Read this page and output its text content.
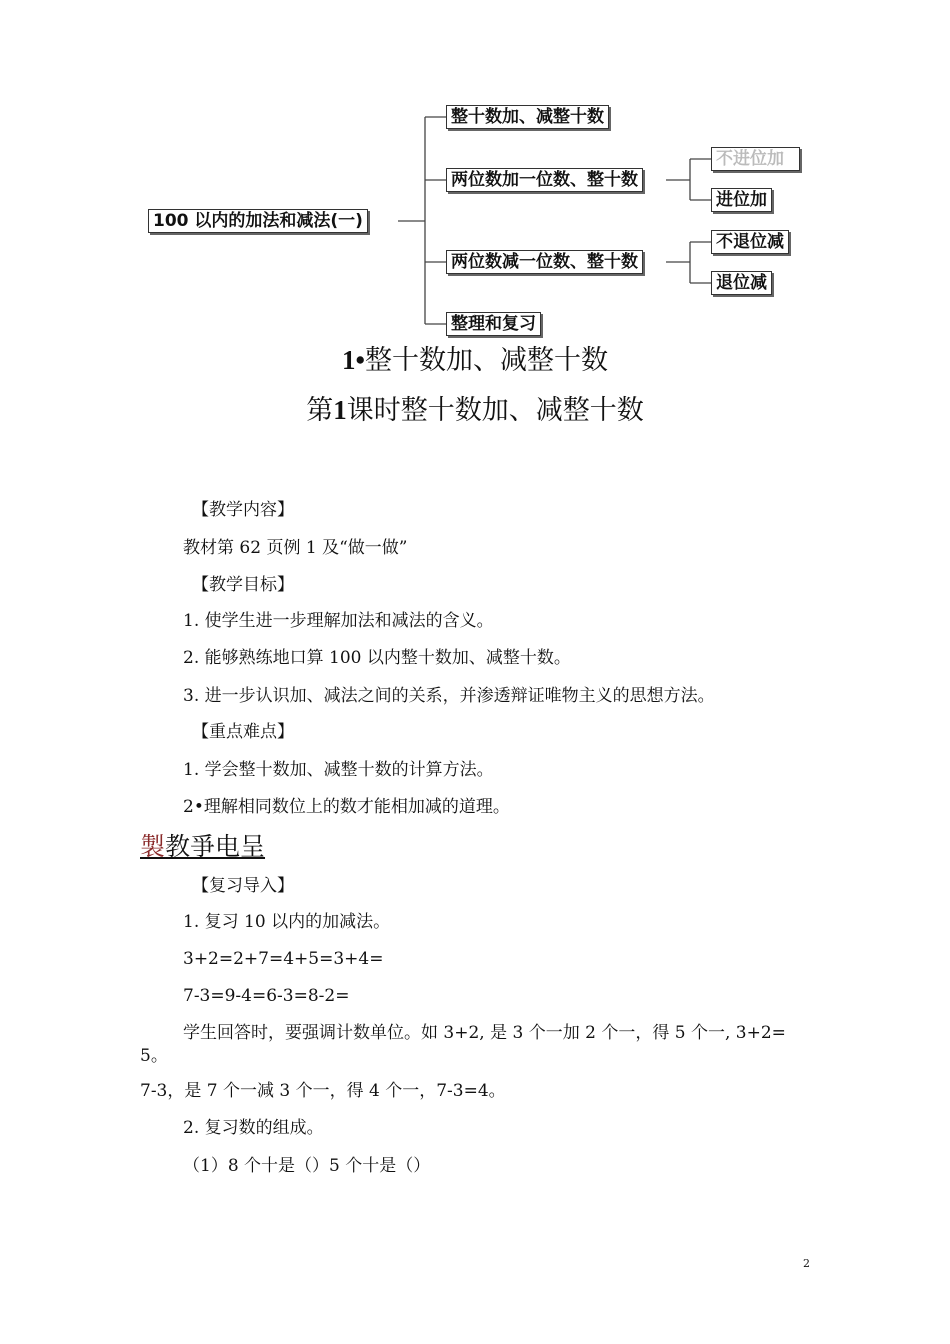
100 以内的加法和减法(一)
整十数加、减整十数
两位数加一位数、整十数
两位数减一位数、整十数
整理和复习
不进位加
进位加
不退位减
退位减
1•整十数加、减整十数
第1课时整十数加、减整十数
【教学内容】
教材第 62 页例 1 及“做一做”
【教学目标】
1. 使学生进一步理解加法和减法的含义。
2. 能够熟练地口算 100 以内整十数加、减整十数。
3. 进一步认识加、减法之间的关系，并渗透辩证唯物主义的思想方法。
【重点难点】
1. 学会整十数加、减整十数的计算方法。
2•理解相同数位上的数才能相加减的道理。
製教爭电呈
【复习导入】
1. 复习 10 以内的加减法。
3+2=2+7=4+5=3+4=
7-3=9-4=6-3=8-2=
学生回答时，要强调计数单位。如 3+2, 是 3 个一加 2 个一，得 5 个一, 3+2=
5。
7-3，是 7 个一减 3 个一，得 4 个一，7-3=4。
2. 复习数的组成。
（1）8 个十是（）5 个十是（）
2
